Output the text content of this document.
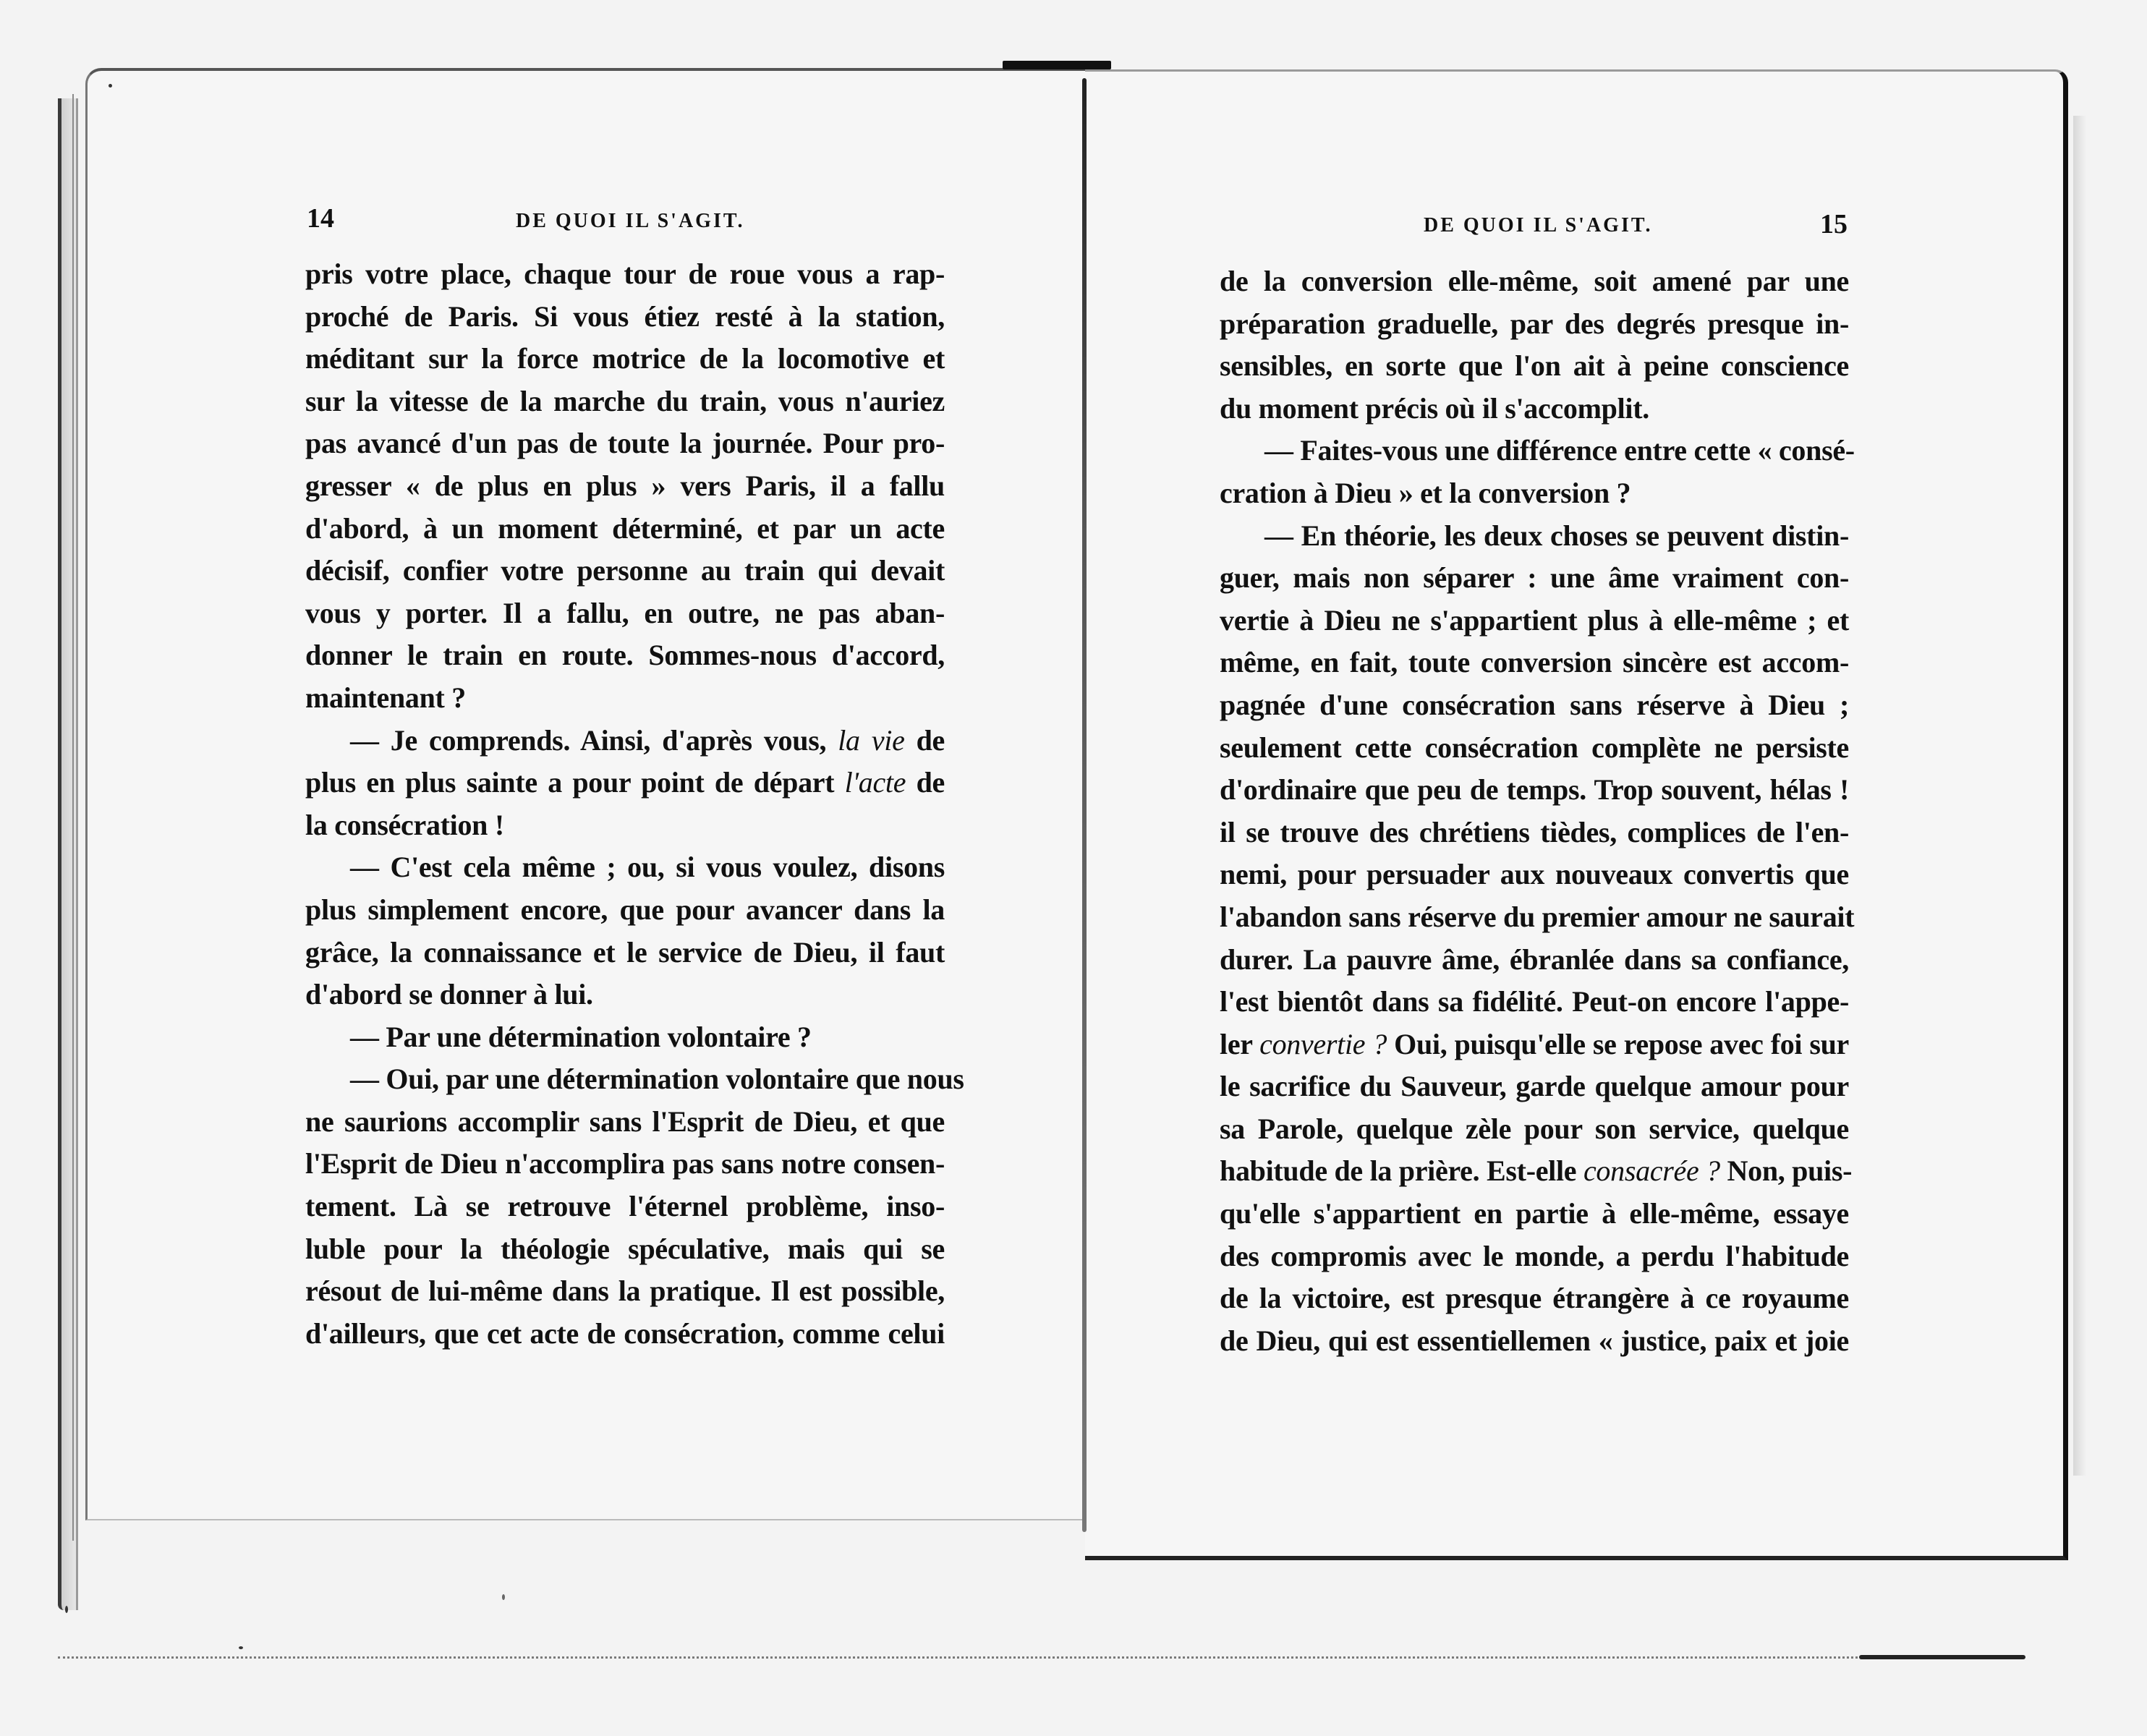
14	DE QUOI IL S'AGIT.	DE QUOI IL S'AGIT.	15
pris votre place, chaque tour de roue vous a rap-
proché de Paris. Si vous étiez resté à la station,
méditant sur la force motrice de la locomotive et
sur la vitesse de la marche du train, vous n'auriez
pas avancé d'un pas de toute la journée. Pour pro-
gresser « de plus en plus » vers Paris, il a fallu
d'abord, à un moment déterminé, et par un acte
décisif, confier votre personne au train qui devait
vous y porter. Il a fallu, en outre, ne pas aban-
donner le train en route. Sommes-nous d'accord,
maintenant ?
— Je comprends. Ainsi, d'après vous, la vie de
plus en plus sainte a pour point de départ l'acte de
la consécration !
— C'est cela même ; ou, si vous voulez, disons
plus simplement encore, que pour avancer dans la
grâce, la connaissance et le service de Dieu, il faut
d'abord se donner à lui.
— Par une détermination volontaire ?
— Oui, par une détermination volontaire que nous
ne saurions accomplir sans l'Esprit de Dieu, et que
l'Esprit de Dieu n'accomplira pas sans notre consen-
tement. Là se retrouve l'éternel problème, inso-
luble pour la théologie spéculative, mais qui se
résout de lui-même dans la pratique. Il est possible,
d'ailleurs, que cet acte de consécration, comme celui
de la conversion elle-même, soit amené par une
préparation graduelle, par des degrés presque in-
sensibles, en sorte que l'on ait à peine conscience
du moment précis où il s'accomplit.
— Faites-vous une différence entre cette « consé-
cration à Dieu » et la conversion ?
— En théorie, les deux choses se peuvent distin-
guer, mais non séparer : une âme vraiment con-
vertie à Dieu ne s'appartient plus à elle-même ; et
même, en fait, toute conversion sincère est accom-
pagnée d'une consécration sans réserve à Dieu ;
seulement cette consécration complète ne persiste
d'ordinaire que peu de temps. Trop souvent, hélas !
il se trouve des chrétiens tièdes, complices de l'en-
nemi, pour persuader aux nouveaux convertis que
l'abandon sans réserve du premier amour ne saurait
durer. La pauvre âme, ébranlée dans sa confiance,
l'est bientôt dans sa fidélité. Peut-on encore l'appe-
ler convertie ? Oui, puisqu'elle se repose avec foi sur
le sacrifice du Sauveur, garde quelque amour pour
sa Parole, quelque zèle pour son service, quelque
habitude de la prière. Est-elle consacrée ? Non, puis-
qu'elle s'appartient en partie à elle-même, essaye
des compromis avec le monde, a perdu l'habitude
de la victoire, est presque étrangère à ce royaume
de Dieu, qui est essentiellemen « justice, paix et joie
